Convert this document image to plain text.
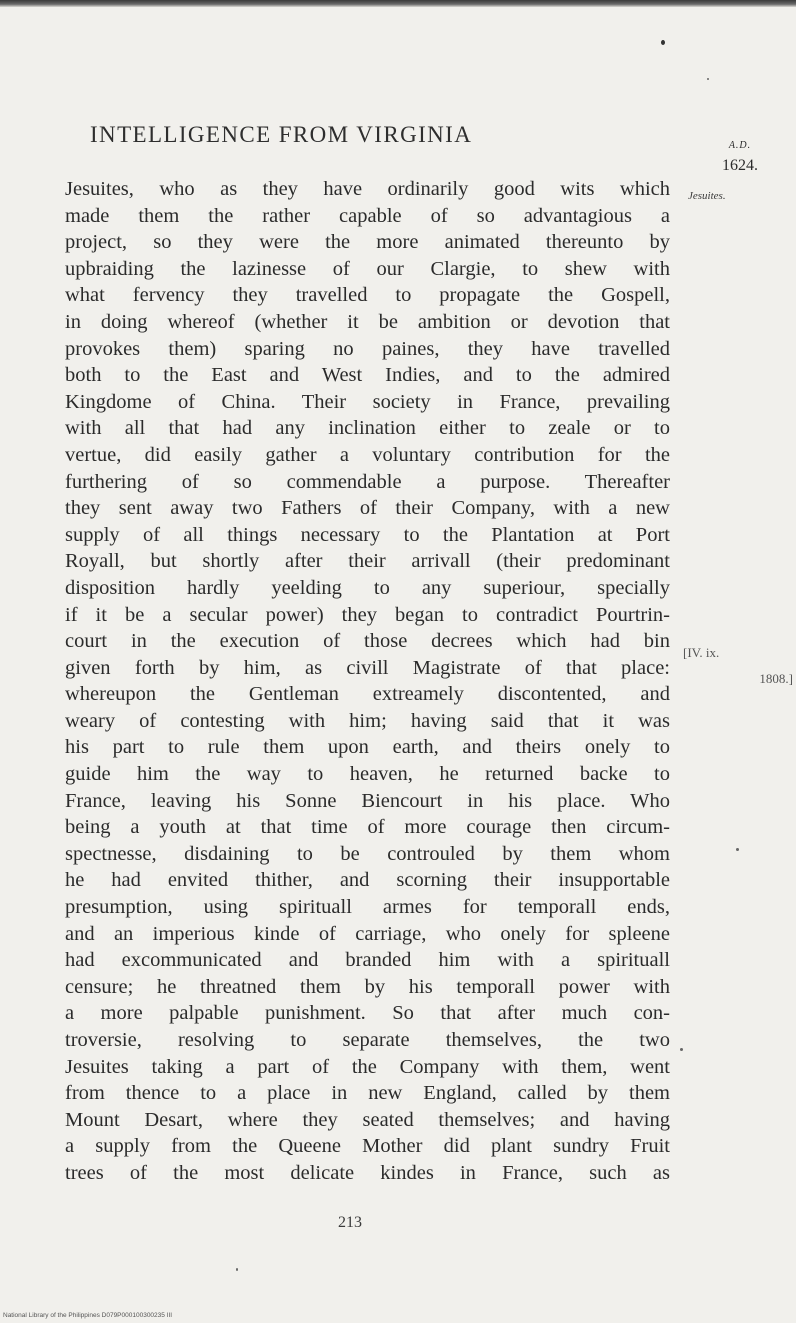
INTELLIGENCE FROM VIRGINIA	A.D.
1624.
Jesuites.
[IV. ix.
1808.]
Jesuites, who as they have ordinarily good wits which
made them the rather capable of so advantagious a
project, so they were the more animated thereunto by
upbraiding the lazinesse of our Clargie, to shew with
what fervency they travelled to propagate the Gospell,
in doing whereof (whether it be ambition or devotion that
provokes them) sparing no paines, they have travelled
both to the East and West Indies, and to the admired
Kingdome of China. Their society in France, prevailing
with all that had any inclination either to zeale or to
vertue, did easily gather a voluntary contribution for the
furthering of so commendable a purpose. Thereafter
they sent away two Fathers of their Company, with a new
supply of all things necessary to the Plantation at Port
Royall, but shortly after their arrivall (their predominant
disposition hardly yeelding to any superiour, specially
if it be a secular power) they began to contradict Pourtrin-
court in the execution of those decrees which had bin
given forth by him, as civill Magistrate of that place:
whereupon the Gentleman extreamely discontented, and
weary of contesting with him; having said that it was
his part to rule them upon earth, and theirs onely to
guide him the way to heaven, he returned backe to
France, leaving his Sonne Biencourt in his place. Who
being a youth at that time of more courage then circum-
spectnesse, disdaining to be controuled by them whom
he had envited thither, and scorning their insupportable
presumption, using spirituall armes for temporall ends,
and an imperious kinde of carriage, who onely for spleene
had excommunicated and branded him with a spirituall
censure; he threatned them by his temporall power with
a more palpable punishment. So that after much con-
troversie, resolving to separate themselves, the two
Jesuites taking a part of the Company with them, went
from thence to a place in new England, called by them
Mount Desart, where they seated themselves; and having
a supply from the Queene Mother did plant sundry Fruit
trees of the most delicate kindes in France, such as
213
National Library of the Philippines D079P000100300235 III
